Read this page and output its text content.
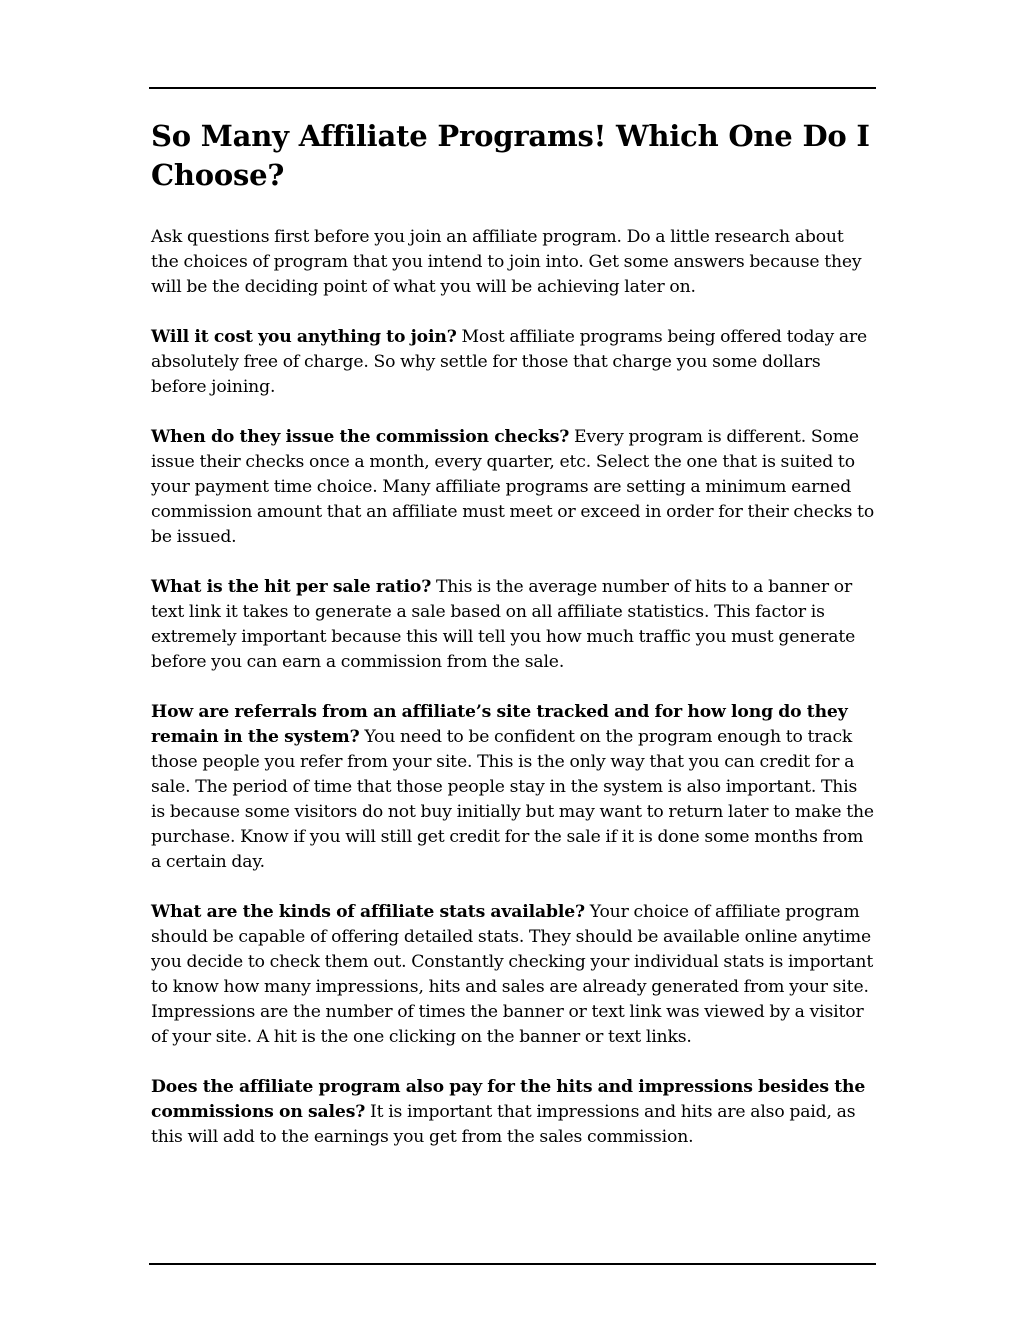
So Many Affiliate Programs! Which One Do I Choose?

Ask questions first before you join an affiliate program. Do a little research about the choices of program that you intend to join into. Get some answers because they will be the deciding point of what you will be achieving later on.

Will it cost you anything to join? Most affiliate programs being offered today are absolutely free of charge. So why settle for those that charge you some dollars before joining.

When do they issue the commission checks? Every program is different. Some issue their checks once a month, every quarter, etc. Select the one that is suited to your payment time choice. Many affiliate programs are setting a minimum earned commission amount that an affiliate must meet or exceed in order for their checks to be issued.

What is the hit per sale ratio? This is the average number of hits to a banner or text link it takes to generate a sale based on all affiliate statistics. This factor is extremely important because this will tell you how much traffic you must generate before you can earn a commission from the sale.

How are referrals from an affiliate’s site tracked and for how long do they remain in the system? You need to be confident on the program enough to track those people you refer from your site. This is the only way that you can credit for a sale. The period of time that those people stay in the system is also important. This is because some visitors do not buy initially but may want to return later to make the purchase. Know if you will still get credit for the sale if it is done some months from a certain day.

What are the kinds of affiliate stats available? Your choice of affiliate program should be capable of offering detailed stats. They should be available online anytime you decide to check them out. Constantly checking your individual stats is important to know how many impressions, hits and sales are already generated from your site. Impressions are the number of times the banner or text link was viewed by a visitor of your site. A hit is the one clicking on the banner or text links.

Does the affiliate program also pay for the hits and impressions besides the commissions on sales? It is important that impressions and hits are also paid, as this will add to the earnings you get from the sales commission.
